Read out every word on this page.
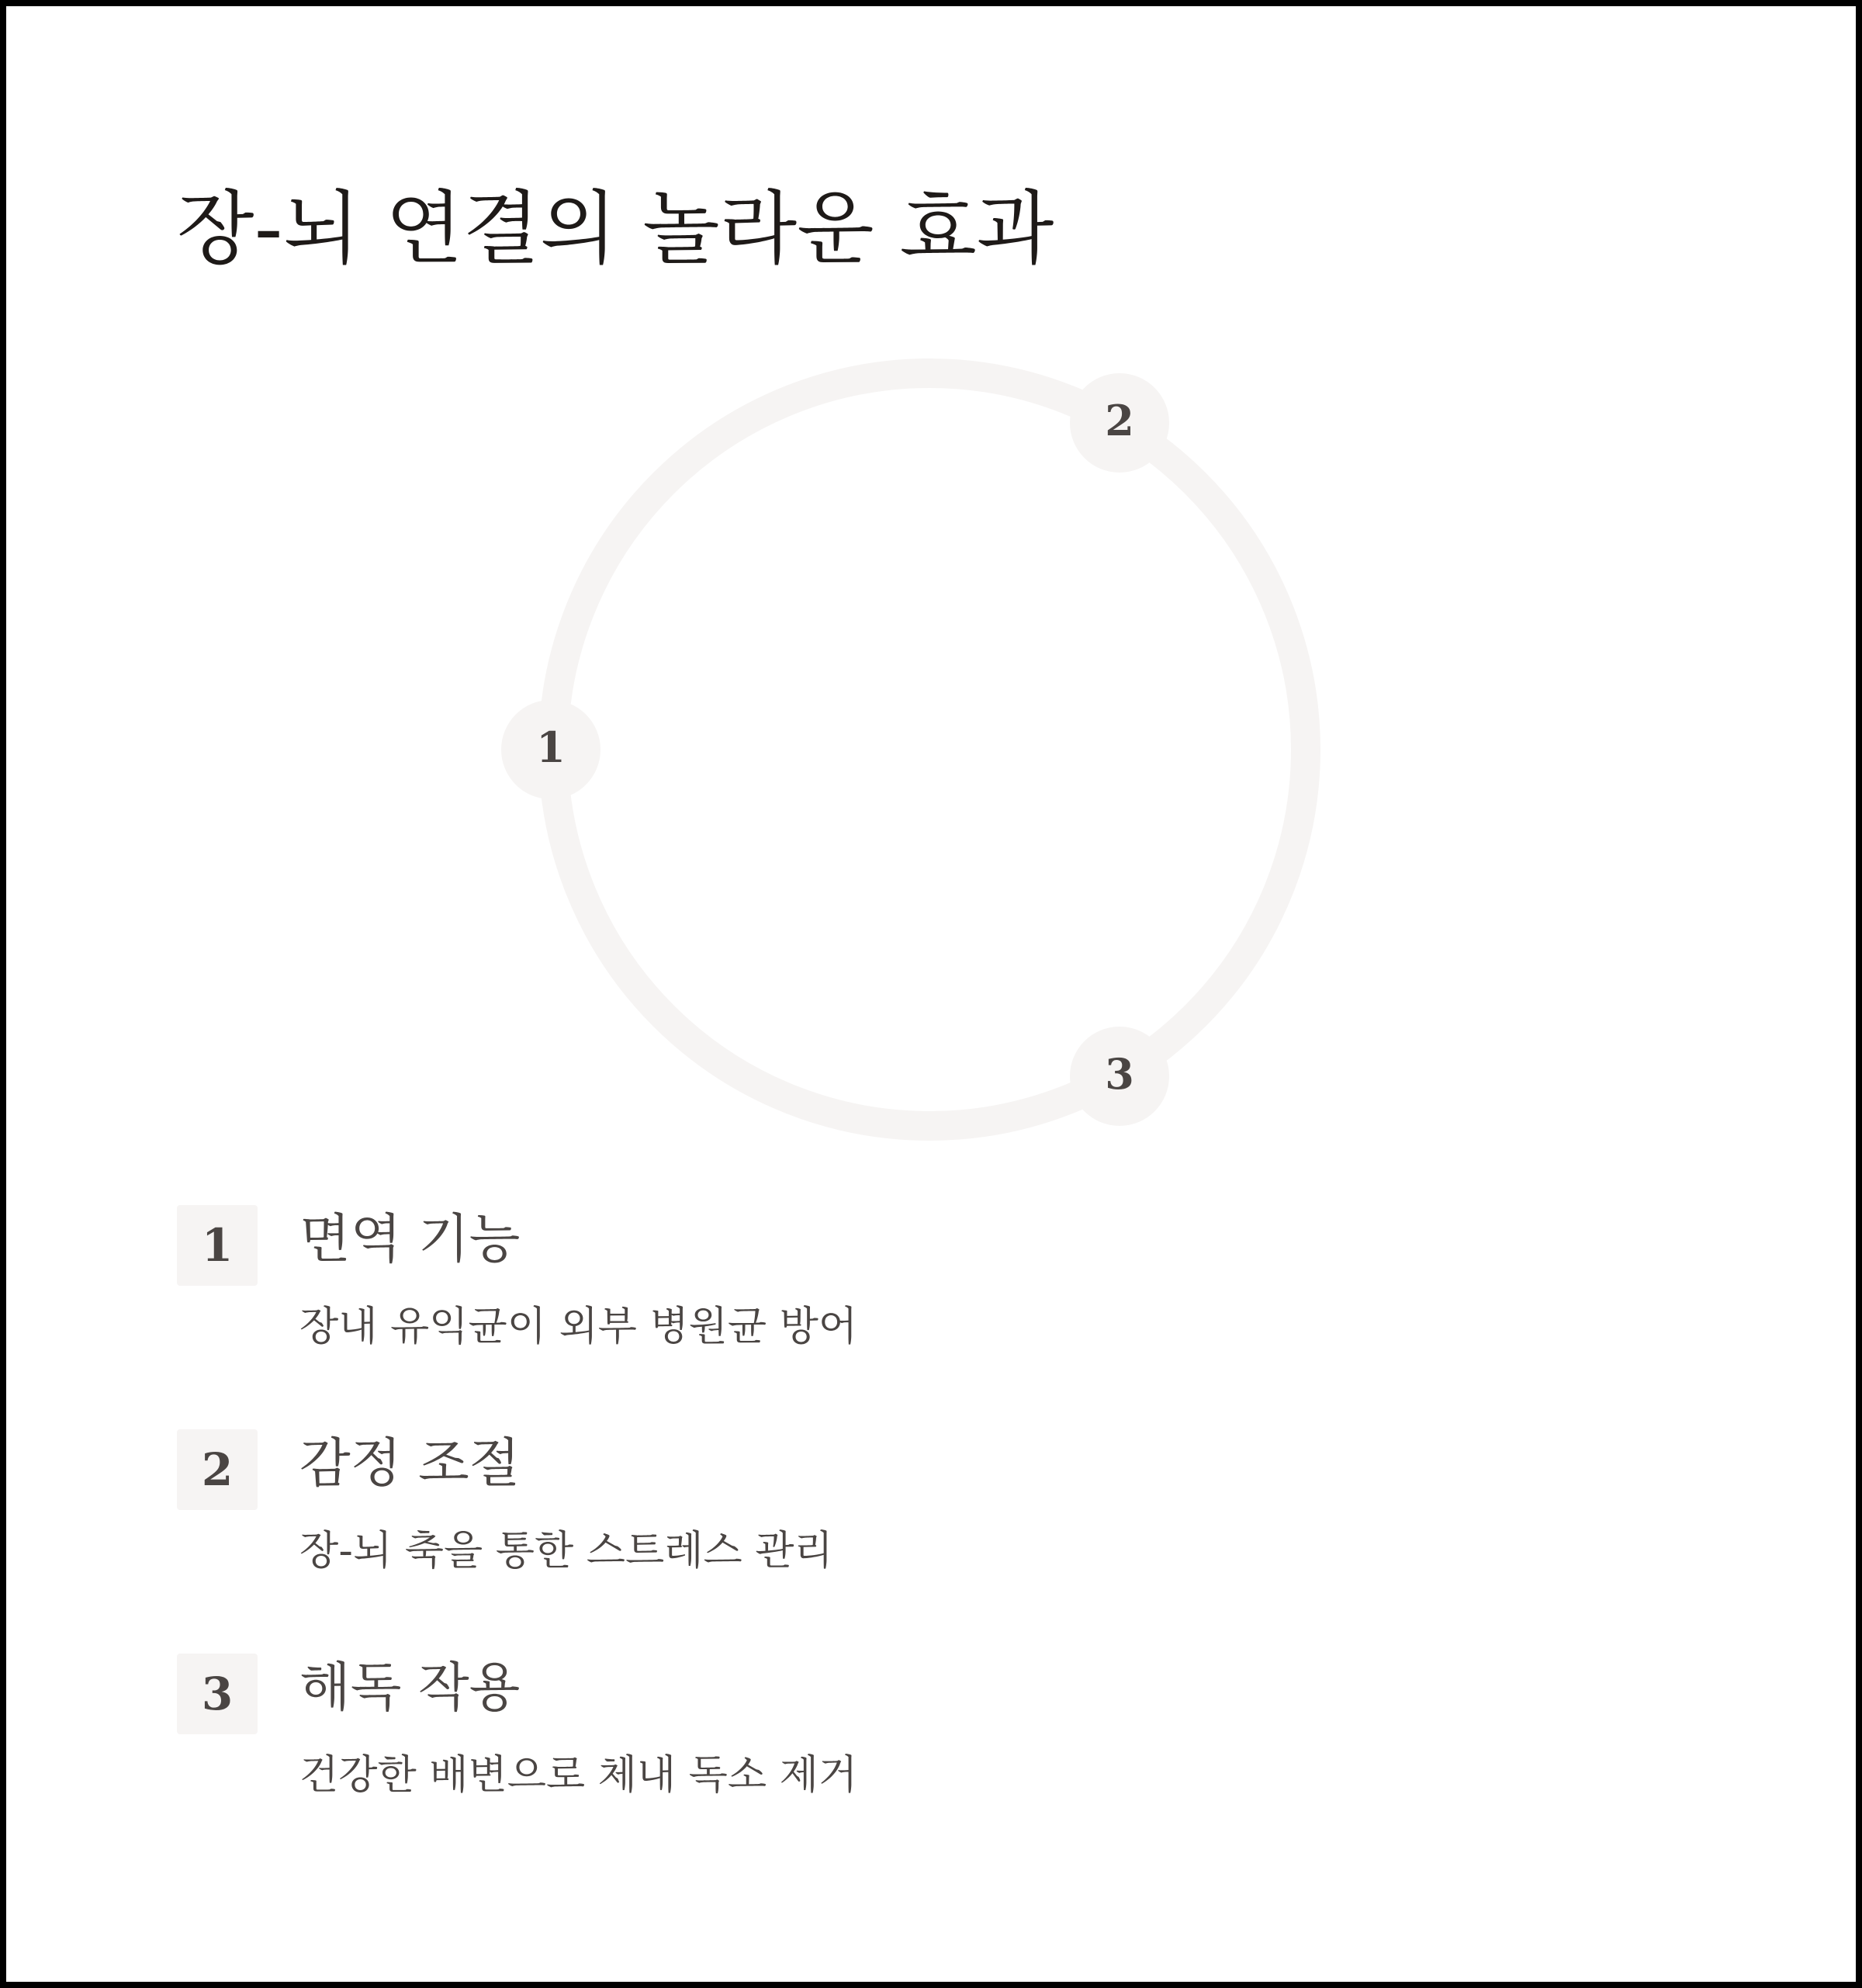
장-뇌 연결의 놀라운 효과
1
2
3
1	면역 기능
장내 유익균이 외부 병원균 방어
2	감정 조절
장-뇌 축을 통한 스트레스 관리
3	해독 작용
건강한 배변으로 체내 독소 제거
